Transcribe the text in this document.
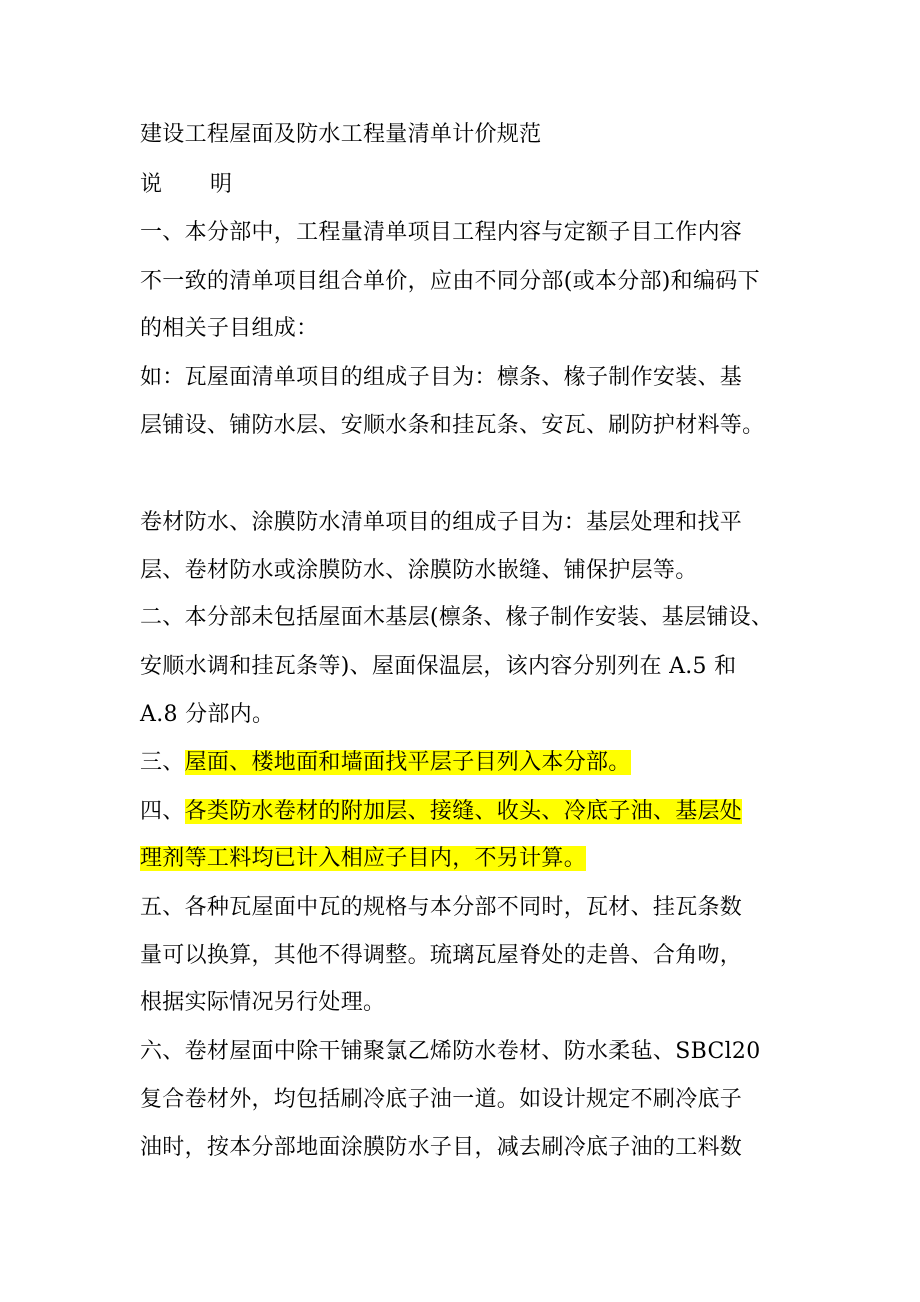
建设工程屋面及防水工程量清单计价规范
说 明
一、本分部中，工程量清单项目工程内容与定额子目工作内容
不一致的清单项目组合单价，应由不同分部(或本分部)和编码下
的相关子目组成：
如：瓦屋面清单项目的组成子目为：檩条、椽子制作安装、基
层铺设、铺防水层、安顺水条和挂瓦条、安瓦、刷防护材料等。
卷材防水、涂膜防水清单项目的组成子目为：基层处理和找平
层、卷材防水或涂膜防水、涂膜防水嵌缝、铺保护层等。
二、本分部未包括屋面木基层(檩条、椽子制作安装、基层铺设、
安顺水调和挂瓦条等)、屋面保温层，该内容分别列在 A.5 和
A.8 分部内。
三、屋面、楼地面和墙面找平层子目列入本分部。
四、各类防水卷材的附加层、接缝、收头、冷底子油、基层处
理剂等工料均已计入相应子目内，不另计算。
五、各种瓦屋面中瓦的规格与本分部不同时，瓦材、挂瓦条数
量可以换算，其他不得调整。琉璃瓦屋脊处的走兽、合角吻，
根据实际情况另行处理。
六、卷材屋面中除干铺聚氯乙烯防水卷材、防水柔毡、SBCl20
复合卷材外，均包括刷冷底子油一道。如设计规定不刷冷底子
油时，按本分部地面涂膜防水子目，减去刷冷底子油的工料数
